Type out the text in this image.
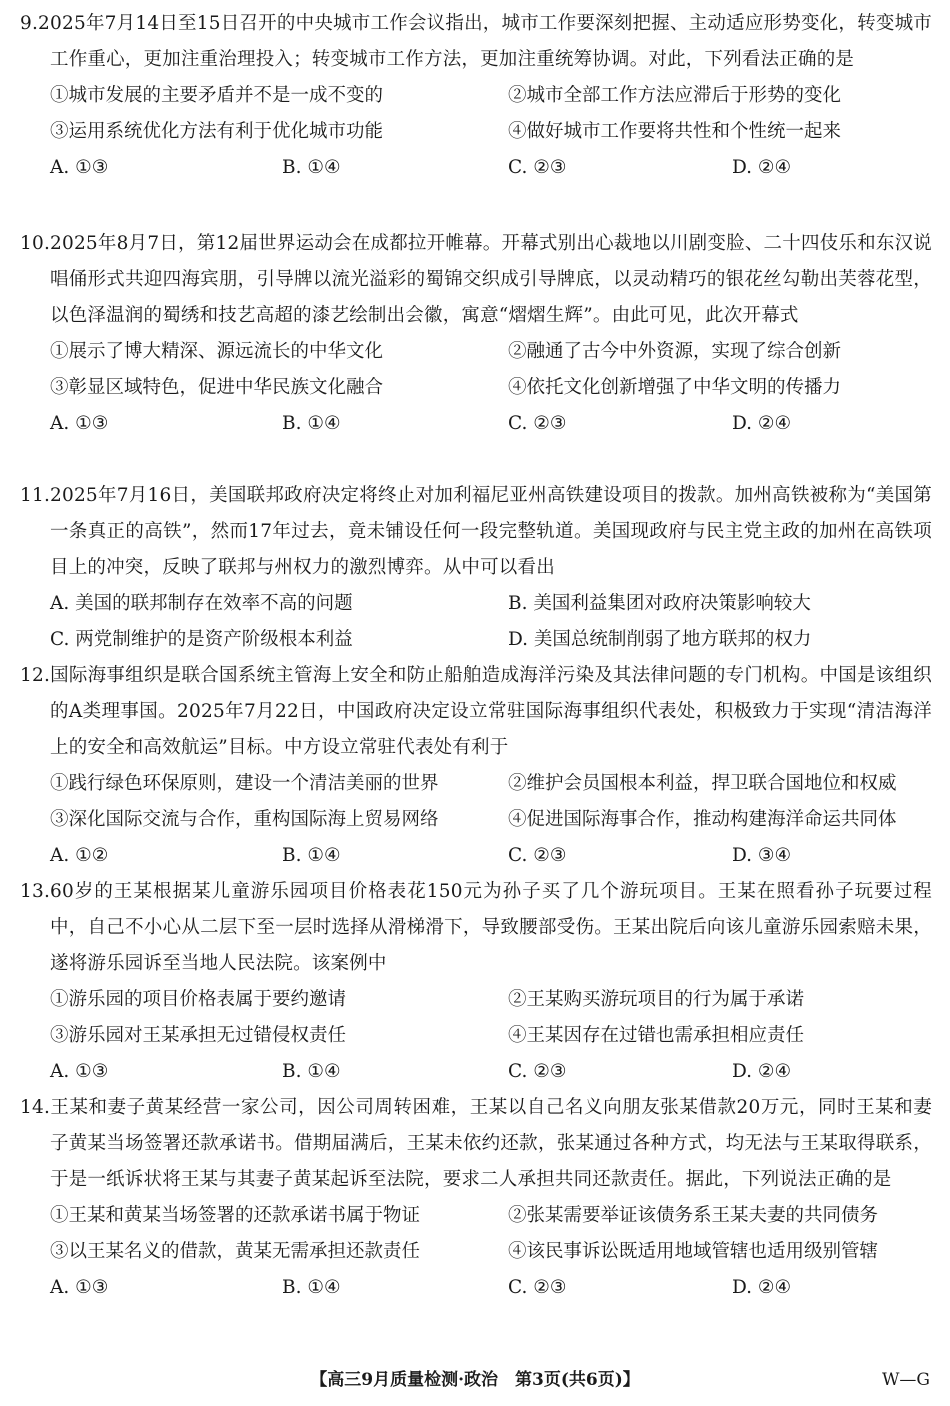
9.2025年7月14日至15日召开的中央城市工作会议指出，城市工作要深刻把握、主动适应形势变化，转变城市工作重心，更加注重治理投入；转变城市工作方法，更加注重统筹协调。对此，下列看法正确的是

①城市发展的主要矛盾并不是一成不变的	②城市全部工作方法应滞后于形势的变化
③运用系统优化方法有利于优化城市功能	④做好城市工作要将共性和个性统一起来
A. ①③	B. ①④	C. ②③	D. ②④

10.2025年8月7日，第12届世界运动会在成都拉开帷幕。开幕式别出心裁地以川剧变脸、二十四伎乐和东汉说唱俑形式共迎四海宾朋，引导牌以流光溢彩的蜀锦交织成引导牌底，以灵动精巧的银花丝勾勒出芙蓉花型，以色泽温润的蜀绣和技艺高超的漆艺绘制出会徽，寓意“熠熠生辉”。由此可见，此次开幕式

①展示了博大精深、源远流长的中华文化	②融通了古今中外资源，实现了综合创新
③彰显区域特色，促进中华民族文化融合	④依托文化创新增强了中华文明的传播力
A. ①③	B. ①④	C. ②③	D. ②④

11.2025年7月16日，美国联邦政府决定将终止对加利福尼亚州高铁建设项目的拨款。加州高铁被称为“美国第一条真正的高铁”，然而17年过去，竟未铺设任何一段完整轨道。美国现政府与民主党主政的加州在高铁项目上的冲突，反映了联邦与州权力的激烈博弈。从中可以看出

A. 美国的联邦制存在效率不高的问题	B. 美国利益集团对政府决策影响较大
C. 两党制维护的是资产阶级根本利益	D. 美国总统制削弱了地方联邦的权力

12.国际海事组织是联合国系统主管海上安全和防止船舶造成海洋污染及其法律问题的专门机构。中国是该组织的A类理事国。2025年7月22日，中国政府决定设立常驻国际海事组织代表处，积极致力于实现“清洁海洋上的安全和高效航运”目标。中方设立常驻代表处有利于

①践行绿色环保原则，建设一个清洁美丽的世界	②维护会员国根本利益，捍卫联合国地位和权威
③深化国际交流与合作，重构国际海上贸易网络	④促进国际海事合作，推动构建海洋命运共同体
A. ①②	B. ①④	C. ②③	D. ③④

13.60岁的王某根据某儿童游乐园项目价格表花150元为孙子买了几个游玩项目。王某在照看孙子玩要过程中，自己不小心从二层下至一层时选择从滑梯滑下，导致腰部受伤。王某出院后向该儿童游乐园索赔未果，遂将游乐园诉至当地人民法院。该案例中

①游乐园的项目价格表属于要约邀请	②王某购买游玩项目的行为属于承诺
③游乐园对王某承担无过错侵权责任	④王某因存在过错也需承担相应责任
A. ①③	B. ①④	C. ②③	D. ②④

14.王某和妻子黄某经营一家公司，因公司周转困难，王某以自己名义向朋友张某借款20万元，同时王某和妻子黄某当场签署还款承诺书。借期届满后，王某未依约还款，张某通过各种方式，均无法与王某取得联系，于是一纸诉状将王某与其妻子黄某起诉至法院，要求二人承担共同还款责任。据此，下列说法正确的是

①王某和黄某当场签署的还款承诺书属于物证	②张某需要举证该债务系王某夫妻的共同债务
③以王某名义的借款，黄某无需承担还款责任	④该民事诉讼既适用地域管辖也适用级别管辖
A. ①③	B. ①④	C. ②③	D. ②④
【高三9月质量检测·政治　第3页(共6页)】	W—G
